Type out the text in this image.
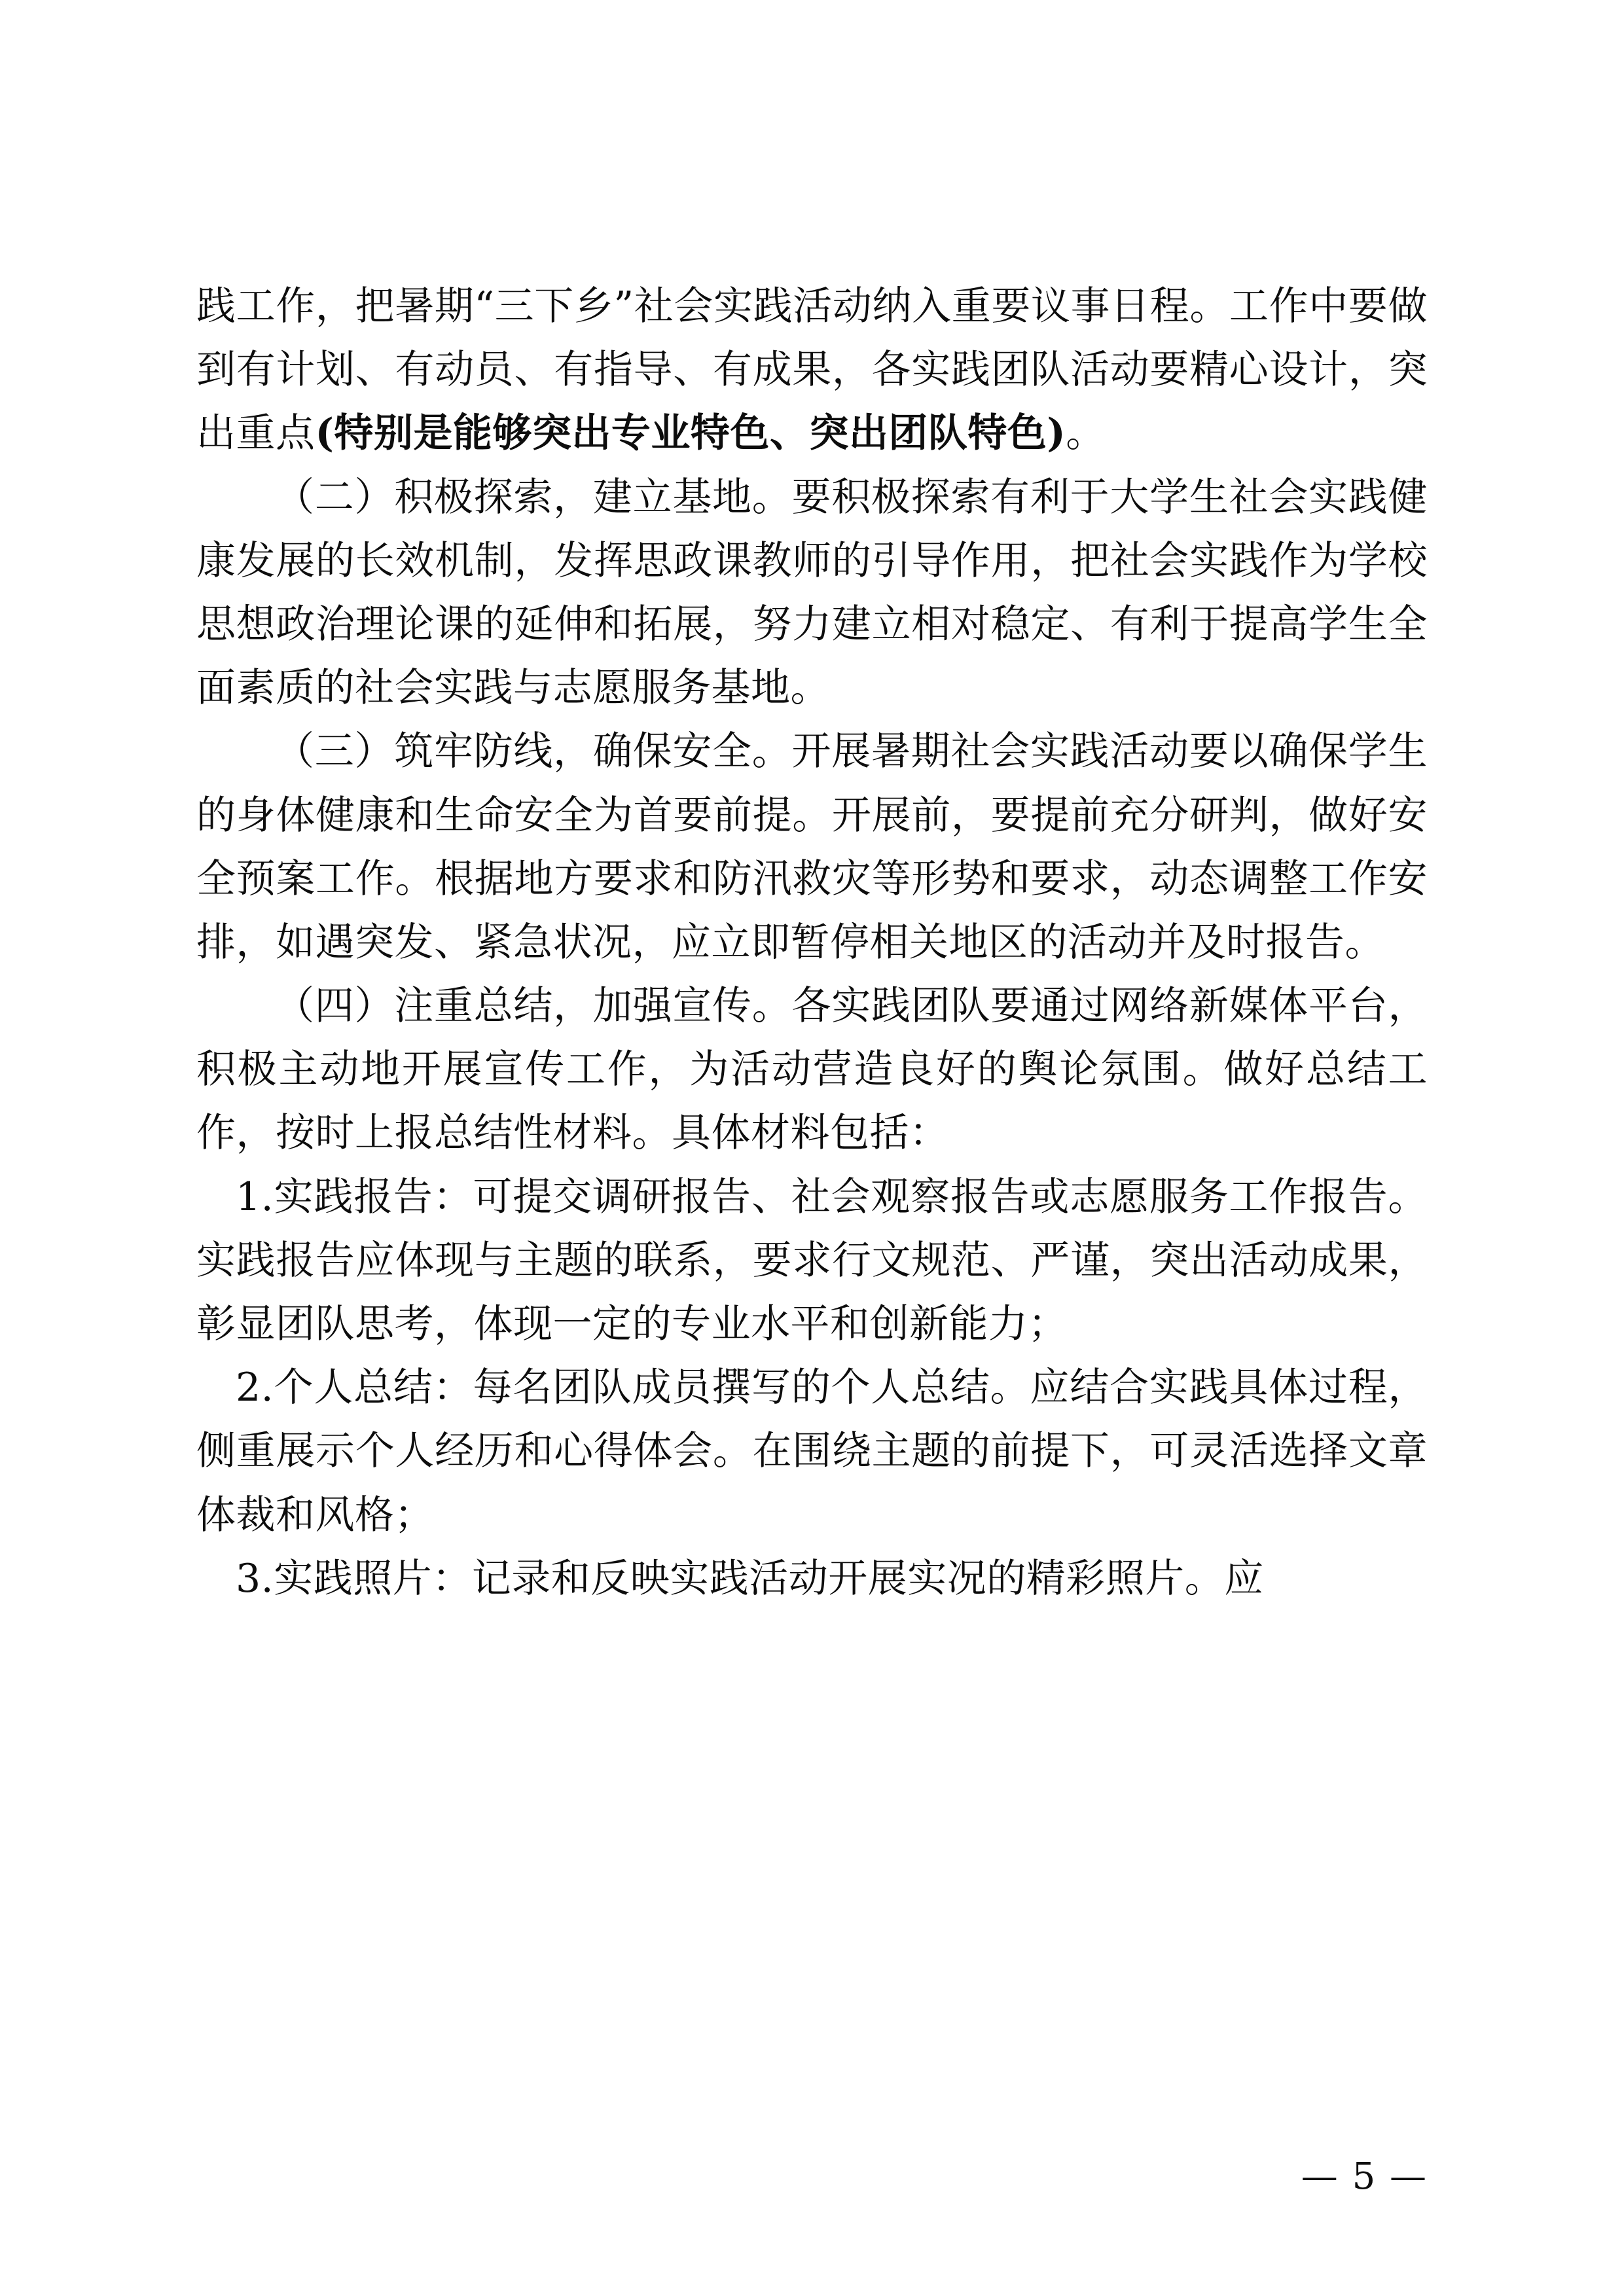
践工作，把暑期“三下乡”社会实践活动纳入重要议事日程。工作中要做到有计划、有动员、有指导、有成果，各实践团队活动要精心设计，突出重点(特别是能够突出专业特色、突出团队特色)。

（二）积极探索，建立基地。要积极探索有利于大学生社会实践健康发展的长效机制，发挥思政课教师的引导作用，把社会实践作为学校思想政治理论课的延伸和拓展，努力建立相对稳定、有利于提高学生全面素质的社会实践与志愿服务基地。

（三）筑牢防线，确保安全。开展暑期社会实践活动要以确保学生的身体健康和生命安全为首要前提。开展前，要提前充分研判，做好安全预案工作。根据地方要求和防汛救灾等形势和要求，动态调整工作安排，如遇突发、紧急状况，应立即暂停相关地区的活动并及时报告。

（四）注重总结，加强宣传。各实践团队要通过网络新媒体平台，积极主动地开展宣传工作，为活动营造良好的舆论氛围。做好总结工作，按时上报总结性材料。具体材料包括：

1.实践报告：可提交调研报告、社会观察报告或志愿服务工作报告。实践报告应体现与主题的联系，要求行文规范、严谨，突出活动成果，彰显团队思考，体现一定的专业水平和创新能力；

2.个人总结：每名团队成员撰写的个人总结。应结合实践具体过程，侧重展示个人经历和心得体会。在围绕主题的前提下，可灵活选择文章体裁和风格；

3.实践照片：记录和反映实践活动开展实况的精彩照片。应

— 5 —
